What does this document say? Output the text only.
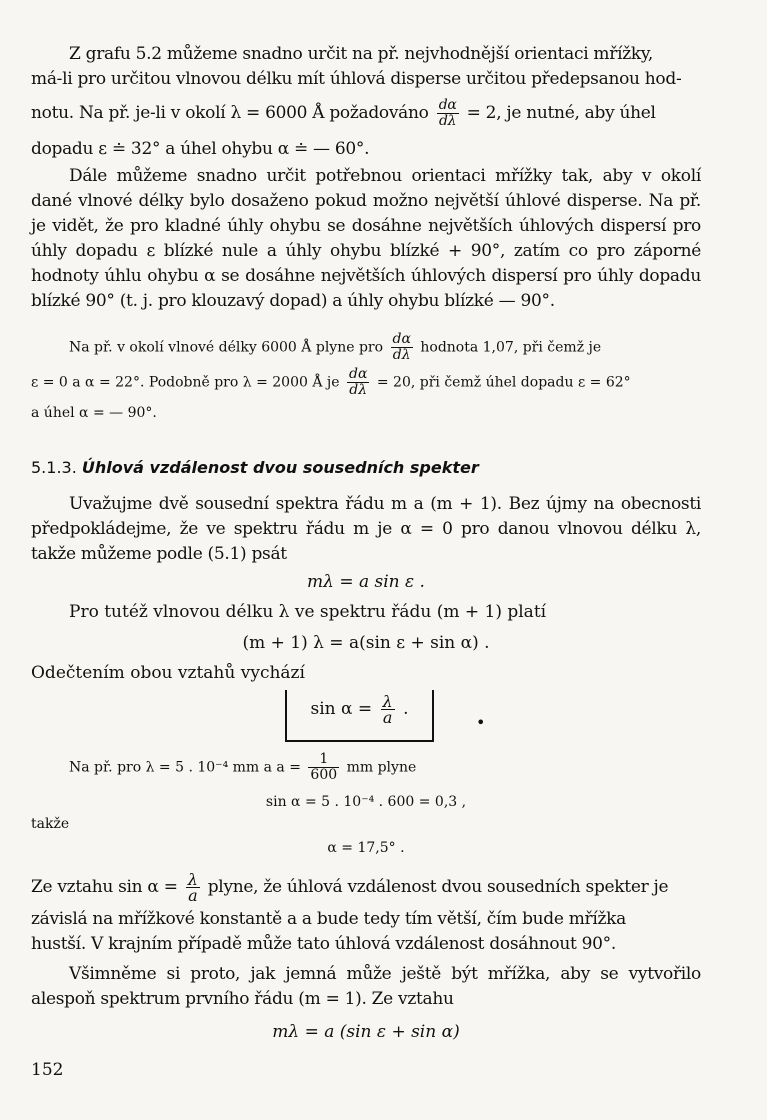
Z grafu 5.2 můžeme snadno určit na př. nejvhodnější orientaci mřížky,
má-li pro určitou vlnovou délku mít úhlová disperse určitou předepsanou hod-
notu. Na př. je-li v okolí λ = 6000 Å požadováno $\frac{d\alpha}{d\lambda} = 2$, je nutné, aby úhel
dopadu ε ≐ 32° a úhel ohybu α ≐ — 60°.
Dále můžeme snadno určit potřebnou orientaci mřížky tak, aby v okolí dané vlnové délky bylo dosaženo pokud možno největší úhlové disperse. Na př. je vidět, že pro kladné úhly ohybu se dosáhne největších úhlových dispersí pro úhly dopadu ε blízké nule a úhly ohybu blízké + 90°, zatím co pro záporné hodnoty úhlu ohybu α se dosáhne největších úhlových dispersí pro úhly dopadu blízké 90° (t. j. pro klouzavý dopad) a úhly ohybu blízké — 90°.
Na př. v okolí vlnové délky 6000 Å plyne pro $\frac{d\alpha}{d\lambda}$ hodnota 1,07, při čemž je
ε = 0 a α = 22°. Podobně pro λ = 2000 Å je $\frac{d\alpha}{d\lambda} = 20$, při čemž úhel dopadu ε = 62°
a úhel α = — 90°.
5.1.3. Úhlová vzdálenost dvou sousedních spekter
Uvažujme dvě sousední spektra řádu m a (m + 1). Bez újmy na obecnosti předpokládejme, že ve spektru řádu m je α = 0 pro danou vlnovou délku λ, takže můžeme podle (5.1) psát
mλ = a sin ε .
Pro tutéž vlnovou délku λ ve spektru řádu (m + 1) platí
(m + 1) λ = a(sin ε + sin α) .
Odečtením obou vztahů vychází
$\sin \alpha = \frac{\lambda}{a}$ .
•
Na př. pro λ = 5 . 10⁻⁴ mm a $a = \frac{1}{600}$ mm plyne
sin α = 5 . 10⁻⁴ . 600 = 0,3 ,
takže
α = 17,5° .
Ze vztahu $\sin \alpha = \frac{\lambda}{a}$ plyne, že úhlová vzdálenost dvou sousedních spekter je
závislá na mřížkové konstantě a a bude tedy tím větší, čím bude mřížka
hustší. V krajním případě může tato úhlová vzdálenost dosáhnout 90°.
Všimněme si proto, jak jemná může ještě být mřížka, aby se vytvořilo alespoň spektrum prvního řádu (m = 1). Ze vztahu
mλ = a (sin ε + sin α)
152
